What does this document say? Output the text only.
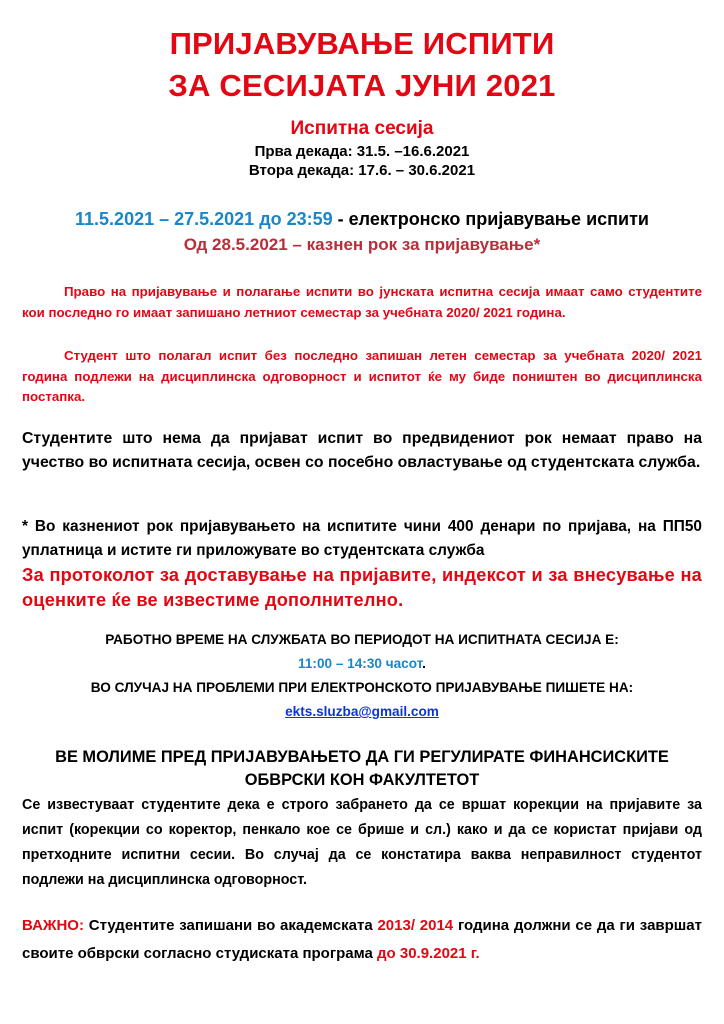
ПРИЈАВУВАЊЕ ИСПИТИ
ЗА СЕСИЈАТА ЈУНИ 2021
Испитна сесија
Прва декада: 31.5. –16.6.2021
Втора декада: 17.6. – 30.6.2021
11.5.2021 – 27.5.2021 до 23:59 - електронско пријавување испити
Од 28.5.2021 – казнен рок за пријавување*
Право на пријавување и полагање испити во јунската испитна сесија имаат само студентите кои последно го имаат запишано летниот семестар за учебната 2020/ 2021 година.
Студент што полагал испит без последно запишан летен семестар за учебната 2020/ 2021 година подлежи на дисциплинска одговорност и испитот ќе му биде поништен во дисциплинска постапка.
Студентите што нема да пријават испит во предвидениот рок немаат право на учество во испитната сесија, освен со посебно овластување од студентската служба.
* Во казнениот рок пријавувањето на испитите чини 400 денари по пријава, на ПП50 уплатница и истите ги приложувате во студентската служба
За протоколот за доставување на пријавите, индексот и за внесување на оценките ќе ве известиме дополнително.
РАБОТНО ВРЕМЕ НА СЛУЖБАТА ВО ПЕРИОДОТ НА ИСПИТНАТА СЕСИЈА Е:
11:00 – 14:30 часот.
ВО СЛУЧАЈ НА ПРОБЛЕМИ ПРИ ЕЛЕКТРОНСКОТО ПРИЈАВУВАЊЕ ПИШЕТЕ НА:
ekts.sluzba@gmail.com
ВЕ МОЛИМЕ ПРЕД ПРИЈАВУВАЊЕТО ДА ГИ РЕГУЛИРАТЕ ФИНАНСИСКИТЕ
ОБВРСКИ КОН ФАКУЛТЕТОТ
Се известуваат студентите дека е строго забрането да се вршат корекции на пријавите за испит (корекции со коректор, пенкало кое се брише и сл.) како и да се користат пријави од претходните испитни сесии. Во случај да се констатира ваква неправилност студентот подлежи на дисциплинска одговорност.
ВАЖНО: Студентите запишани во академската 2013/ 2014 година должни се да ги завршат своите обврски согласно студиската програма до 30.9.2021 г.
